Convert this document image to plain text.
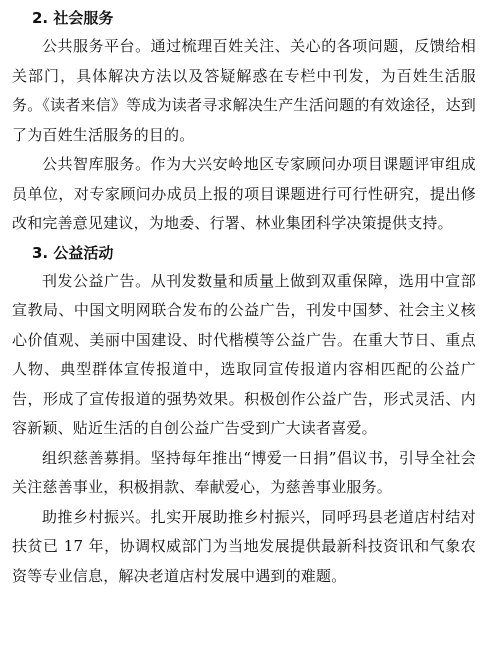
2. 社会服务

公共服务平台。通过梳理百姓关注、关心的各项问题，反馈给相关部门，具体解决方法以及答疑解惑在专栏中刊发，为百姓生活服务。《读者来信》等成为读者寻求解决生产生活问题的有效途径，达到了为百姓生活服务的目的。

公共智库服务。作为大兴安岭地区专家顾问办项目课题评审组成员单位，对专家顾问办成员上报的项目课题进行可行性研究，提出修改和完善意见建议，为地委、行署、林业集团科学决策提供支持。

3. 公益活动

刊发公益广告。从刊发数量和质量上做到双重保障，选用中宣部宣教局、中国文明网联合发布的公益广告，刊发中国梦、社会主义核心价值观、美丽中国建设、时代楷模等公益广告。在重大节日、重点人物、典型群体宣传报道中，选取同宣传报道内容相匹配的公益广告，形成了宣传报道的强势效果。积极创作公益广告，形式灵活、内容新颖、贴近生活的自创公益广告受到广大读者喜爱。

组织慈善募捐。坚持每年推出“博爱一日捐”倡议书，引导全社会关注慈善事业，积极捐款、奉献爱心，为慈善事业服务。

助推乡村振兴。扎实开展助推乡村振兴，同呼玛县老道店村结对扶贫已 17 年，协调权威部门为当地发展提供最新科技资讯和气象农资等专业信息，解决老道店村发展中遇到的难题。
